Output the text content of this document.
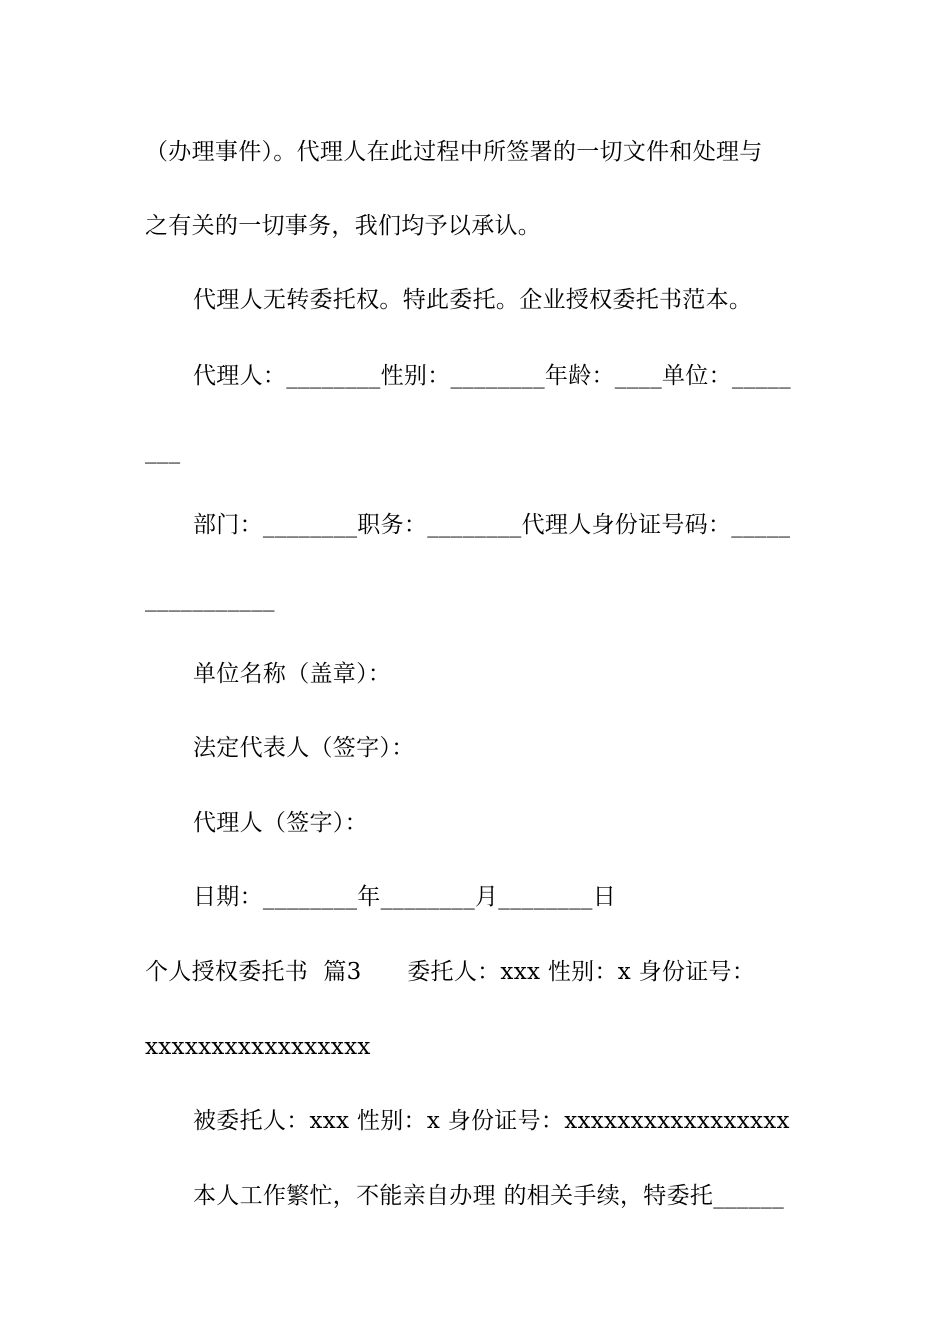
（办理事件）。代理人在此过程中所签署的一切文件和处理与
之有关的一切事务，我们均予以承认。
代理人无转委托权。特此委托。企业授权委托书范本。
代理人：________性别：________年龄：____单位：_____
___
部门：________职务：________代理人身份证号码：_____
___________
单位名称（盖章）：
法定代表人（签字）：
代理人（签字）：
日期：________年________月________日
个人授权委托书  篇3      委托人：xxx 性别：x 身份证号：
xxxxxxxxxxxxxxxxx
被委托人：xxx 性别：x 身份证号：xxxxxxxxxxxxxxxxx
本人工作繁忙，不能亲自办理 的相关手续，特委托______
